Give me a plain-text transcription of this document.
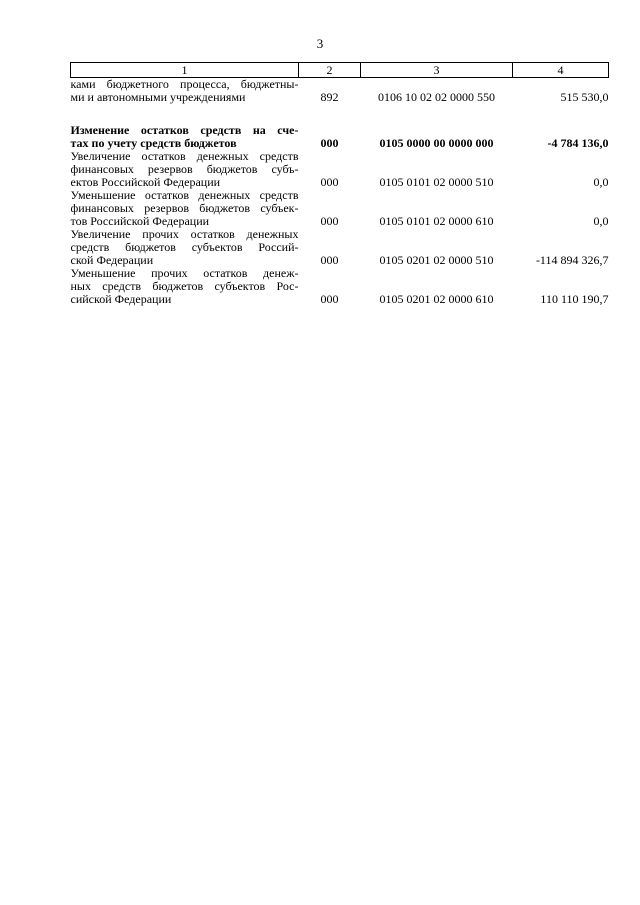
3
1	2	3	4

ками бюджетного процесса, бюджетны-
ми и автономными учреждениями	892	0106 10 02 02 0000 550	515 530,0

Изменение остатков средств на сче-
тах по учету средств бюджетов	000	0105 0000 00 0000 000	-4 784 136,0

Увеличение остатков денежных средств
финансовых резервов бюджетов субъ-
ектов Российской Федерации	000	0105 0101 02 0000 510	0,0

Уменьшение остатков денежных средств
финансовых резервов бюджетов субъек-
тов Российской Федерации	000	0105 0101 02 0000 610	0,0

Увеличение прочих остатков денежных
средств бюджетов субъектов Россий-
ской Федерации	000	0105 0201 02 0000 510	-114 894 326,7

Уменьшение прочих остатков денеж-
ных средств бюджетов субъектов Рос-
сийской Федерации	000	0105 0201 02 0000 610	110 110 190,7
